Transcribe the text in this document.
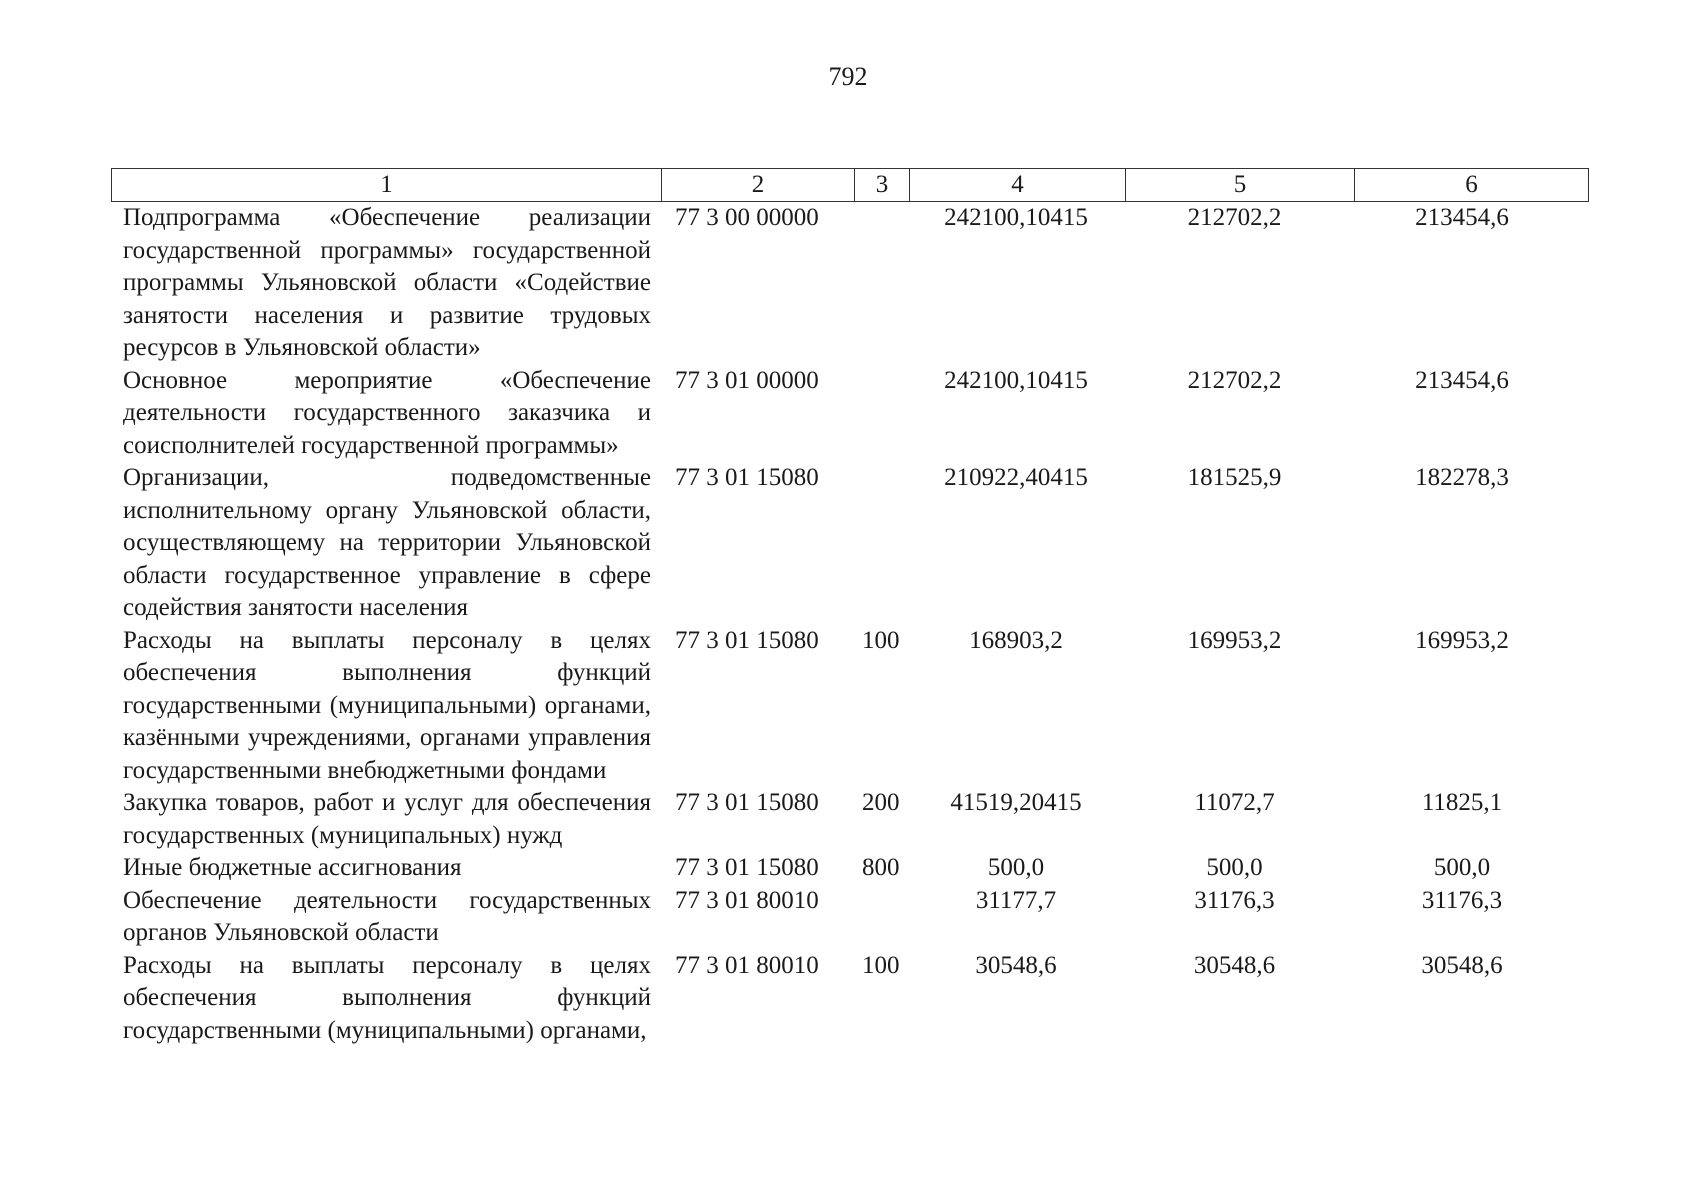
792
1	2	3	4	5	6
Подпрограмма «Обеспечение реализации государственной программы» государственной программы Ульяновской области «Содействие занятости населения и развитие трудовых ресурсов в Ульяновской области»	77 3 00 00000		242100,10415	212702,2	213454,6
Основное мероприятие «Обеспечение деятельности государственного заказчика и соисполнителей государственной программы»	77 3 01 00000		242100,10415	212702,2	213454,6
Организации, подведомственные исполнительному органу Ульяновской области, осуществляющему на территории Ульяновской области государственное управление в сфере содействия занятости населения	77 3 01 15080		210922,40415	181525,9	182278,3
Расходы на выплаты персоналу в целях обеспечения выполнения функций государственными (муниципальными) органами, казёнными учреждениями, органами управления государственными внебюджетными фондами	77 3 01 15080	100	168903,2	169953,2	169953,2
Закупка товаров, работ и услуг для обеспечения государственных (муниципальных) нужд	77 3 01 15080	200	41519,20415	11072,7	11825,1
Иные бюджетные ассигнования	77 3 01 15080	800	500,0	500,0	500,0
Обеспечение деятельности государственных органов Ульяновской области	77 3 01 80010		31177,7	31176,3	31176,3
Расходы на выплаты персоналу в целях обеспечения выполнения функций государственными (муниципальными) органами,	77 3 01 80010	100	30548,6	30548,6	30548,6
